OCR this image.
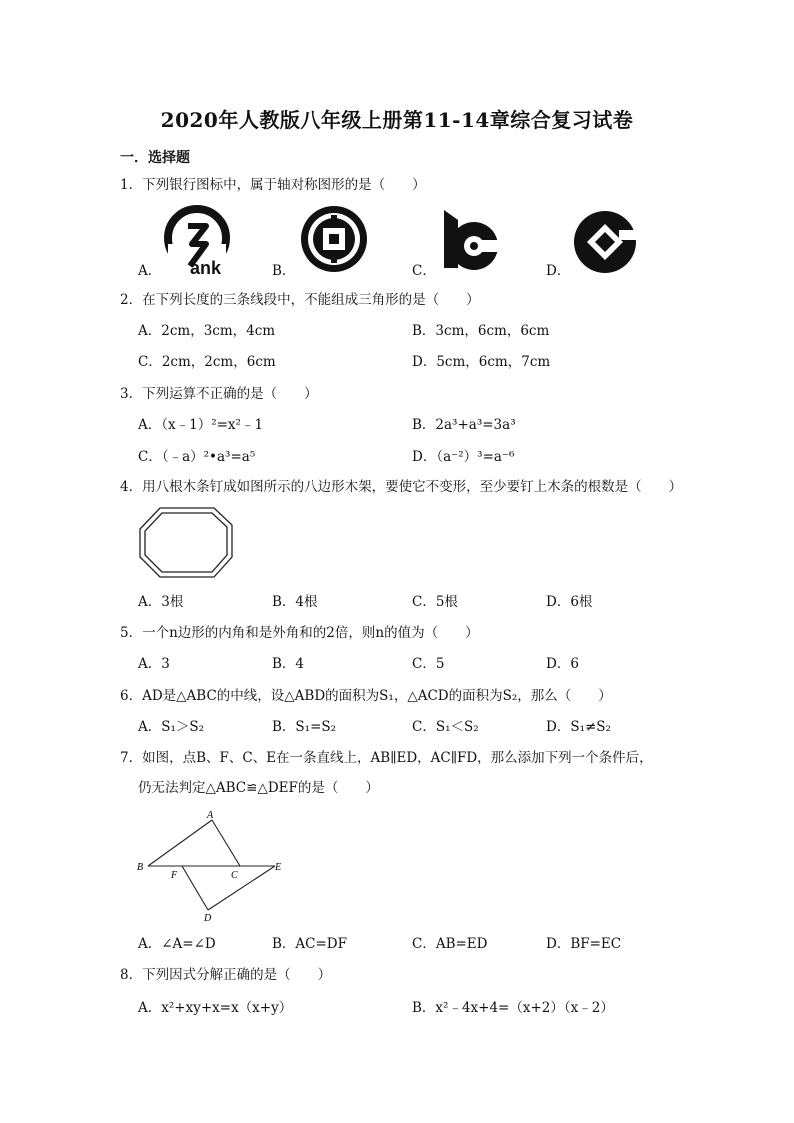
2020年人教版八年级上册第11-14章综合复习试卷
一．选择题
1．下列银行图标中，属于轴对称图形的是（　　）
A． ank	B．	C．	D．
2．在下列长度的三条线段中，不能组成三角形的是（　　）
A．2cm，3cm，4cm	B．3cm，6cm，6cm
C．2cm，2cm，6cm	D．5cm，6cm，7cm
3．下列运算不正确的是（　　）
A．（x﹣1）²=x²﹣1	B．2a³+a³=3a³
C．（﹣a）²•a³=a⁵	D．（a⁻²）³=a⁻⁶
4．用八根木条钉成如图所示的八边形木架，要使它不变形，至少要钉上木条的根数是（　　）
A．3根	B．4根	C．5根	D．6根
5．一个n边形的内角和是外角和的2倍，则n的值为（　　）
A．3	B．4	C．5	D．6
6．AD是△ABC的中线，设△ABD的面积为S₁，△ACD的面积为S₂，那么（　　）
A．S₁＞S₂	B．S₁=S₂	C．S₁＜S₂	D．S₁≠S₂
7．如图，点B、F、C、E在一条直线上，AB∥ED，AC∥FD，那么添加下列一个条件后，
仍无法判定△ABC≌△DEF的是（　　）
A
B
F	C
E
D
A．∠A=∠D	B．AC=DF	C．AB=ED	D．BF=EC
8．下列因式分解正确的是（　　）
A．x²+xy+x=x（x+y）	B．x²﹣4x+4=（x+2）（x﹣2）
